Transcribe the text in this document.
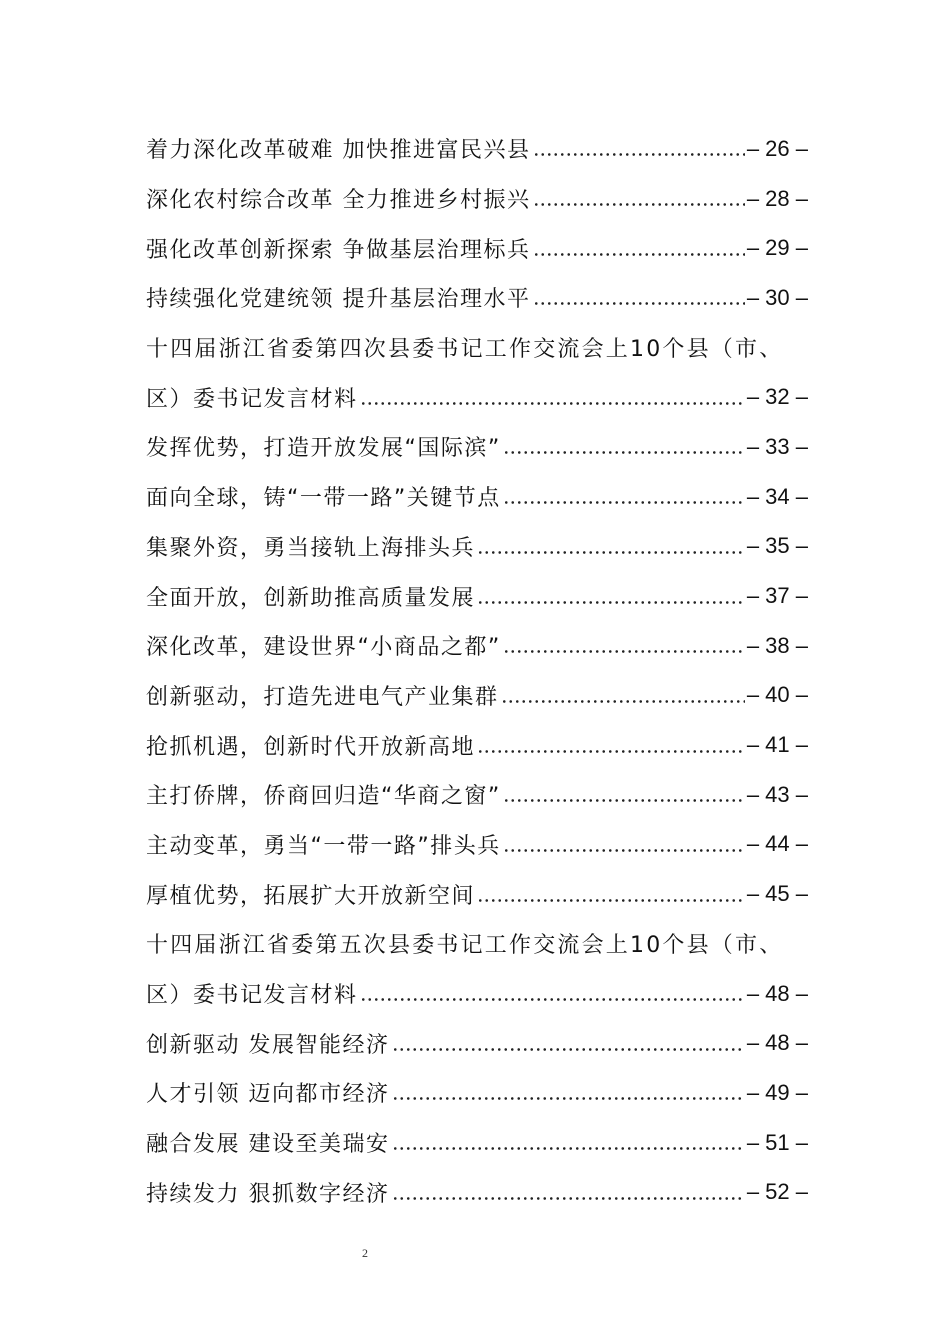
着力深化改革破难 加快推进富民兴县	– 26 –
深化农村综合改革 全力推进乡村振兴	– 28 –
强化改革创新探索 争做基层治理标兵	– 29 –
持续强化党建统领 提升基层治理水平	– 30 –
十四届浙江省委第四次县委书记工作交流会上10个县（市、
区）委书记发言材料	– 32 –
发挥优势，打造开放发展“国际滨”	– 33 –
面向全球，铸“一带一路”关键节点	– 34 –
集聚外资，勇当接轨上海排头兵	– 35 –
全面开放，创新助推高质量发展	– 37 –
深化改革，建设世界“小商品之都”	– 38 –
创新驱动，打造先进电气产业集群	– 40 –
抢抓机遇，创新时代开放新高地	– 41 –
主打侨牌，侨商回归造“华商之窗”	– 43 –
主动变革，勇当“一带一路”排头兵	– 44 –
厚植优势，拓展扩大开放新空间	– 45 –
十四届浙江省委第五次县委书记工作交流会上10个县（市、
区）委书记发言材料	– 48 –
创新驱动 发展智能经济	– 48 –
人才引领 迈向都市经济	– 49 –
融合发展 建设至美瑞安	– 51 –
持续发力 狠抓数字经济	– 52 –
2
